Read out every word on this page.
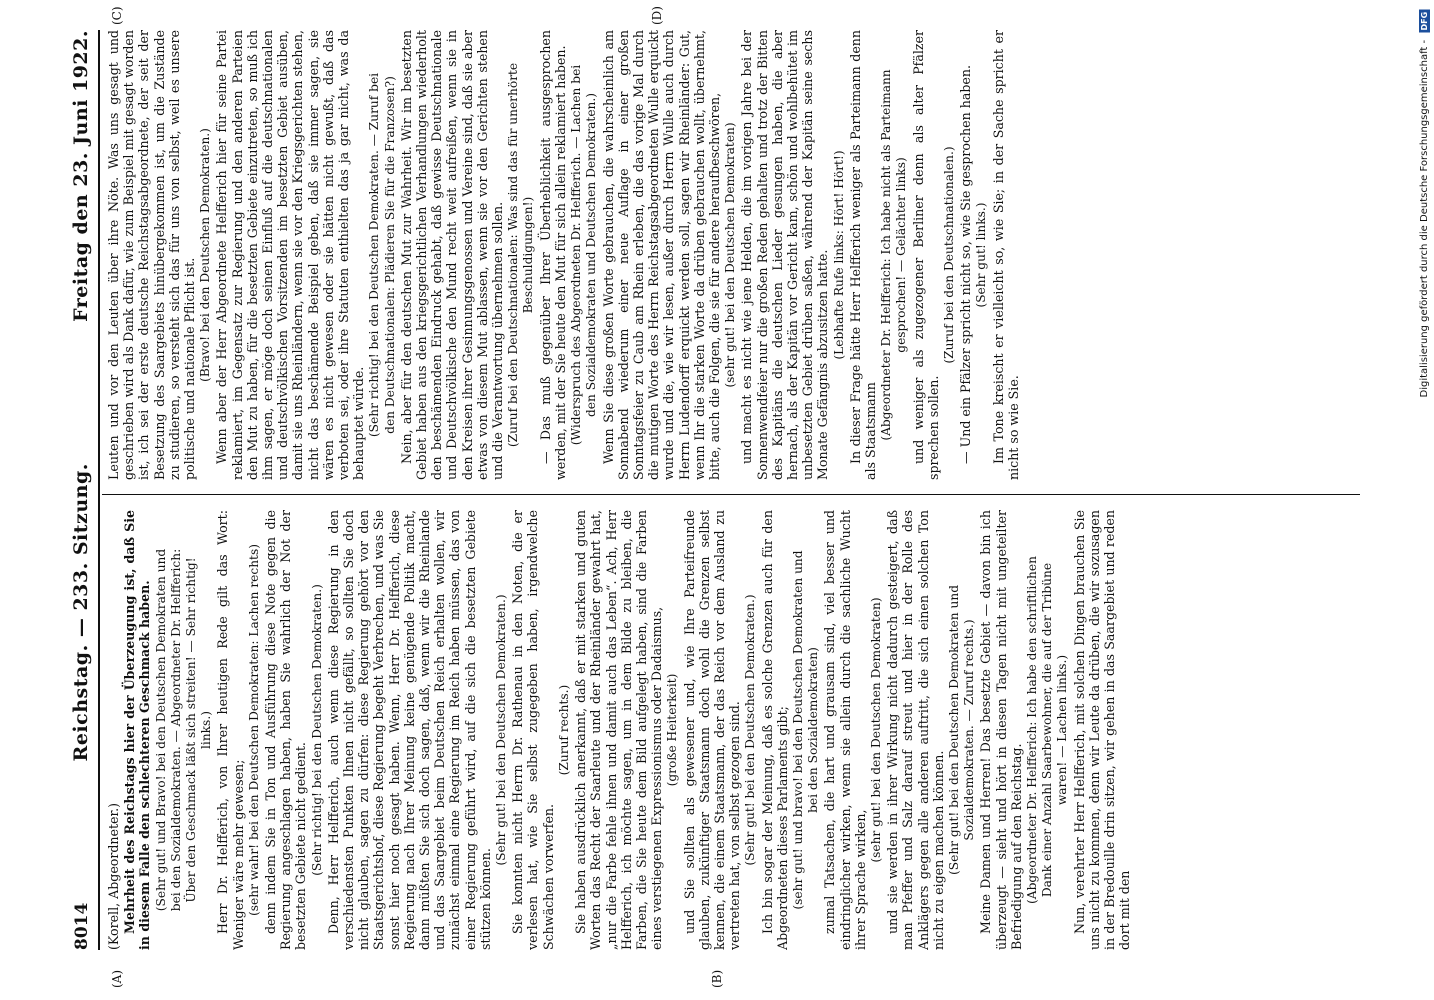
8014
Reichstag. — 233. Sitzung.
Freitag den 23. Juni 1922.
(A)	(B)
(C)	(D)

(Korell, Abgeordneter.) Mehrheit des Reichstags hier der Überzeugung ist, daß Sie in diesem Falle den schlechteren Geschmack haben. (Sehr gut! und Bravo! bei den Deutschen Demokraten und bei den Sozialdemokraten. — Abgeordneter Dr. Helfferich: Über den Geschmack läßt sich streiten! — Sehr richtig! links.) Herr Dr. Helfferich, von Ihrer heutigen Rede gilt das Wort: Weniger wäre mehr gewesen; (sehr wahr! bei den Deutschen Demokraten: Lachen rechts) denn indem Sie in Ton und Ausführung diese Note gegen die Regierung angeschlagen haben, haben Sie wahrlich der Not der besetzten Gebiete nicht gedient. (Sehr richtig! bei den Deutschen Demokraten.) Denn, Herr Helfferich, auch wenn diese Regierung in den verschiedensten Punkten Ihnen nicht gefällt, so sollten Sie doch nicht glauben, sagen zu dürfen: diese Regierung gehört vor den Staatsgerichtshof, diese Regierung begeht Verbrechen, und was Sie sonst hier noch gesagt haben. Wenn, Herr Dr. Helfferich, diese Regierung nach Ihrer Meinung keine genügende Politik macht, dann müßten Sie sich doch sagen, daß, wenn wir die Rheinlande und das Saargebiet beim Deutschen Reich erhalten wollen, wir zunächst einmal eine Regierung im Reich haben müssen, das von einer Regierung geführt wird, auf die sich die besetzten Gebiete stützen können.

(Sehr gut! bei den Deutschen Demokraten.) Sie konnten nicht Herrn Dr. Rathenau in den Noten, die er verlesen hat, wie Sie selbst zugegeben haben, irgendwelche Schwächen vorwerfen.

(Zuruf rechts.) Sie haben ausdrücklich anerkannt, daß er mit starken und guten Worten das Recht der Saarleute und der Rheinländer gewahrt hat, „nur die Farbe fehle ihnen und damit auch das Leben“. Ach, Herr Helfferich, ich möchte sagen, um in dem Bilde zu bleiben, die Farben, die Sie heute dem Bild aufgelegt haben, sind die Farben eines verstiegenen Expressionismus oder Dadaismus, (große Heiterkeit) und Sie sollten als gewesener und, wie Ihre Parteifreunde glauben, zukünftiger Staatsmann doch wohl die Grenzen selbst kennen, die einem Staatsmann, der das Reich vor dem Ausland zu vertreten hat, von selbst gezogen sind. (Sehr gut! bei den Deutschen Demokraten.) Ich bin sogar der Meinung, daß es solche Grenzen auch für den Abgeordneten dieses Parlaments gibt; (sehr gut! und bravo! bei den Deutschen Demokraten und bei den Sozialdemokraten) zumal Tatsachen, die hart und grausam sind, viel besser und eindringlicher wirken, wenn sie allein durch die sachliche Wucht ihrer Sprache wirken,

(sehr gut! bei den Deutschen Demokraten) und sie werden in ihrer Wirkung nicht dadurch gesteigert, daß man Pfeffer und Salz darauf streut und hier in der Rolle des Anklägers gegen alle anderen auftritt, die sich einen solchen Ton nicht zu eigen machen können. (Sehr gut! bei den Deutschen Demokraten und Sozialdemokraten. — Zuruf rechts.) Meine Damen und Herren! Das besetzte Gebiet — davon bin ich überzeugt — sieht und hört in diesen Tagen nicht mit ungeteilter Befriedigung auf den Reichstag. (Abgeordneter Dr. Helfferich: Ich habe den schriftlichen Dank einer Anzahl Saarbewohner, die auf der Tribüne waren! — Lachen links.) Nun, verehrter Herr Helfferich, mit solchen Dingen brauchen Sie uns nicht zu kommen, denn wir Leute da drüben, die wir sozusagen in der Bredouille drin sitzen, wir gehen in das Saargebiet und reden dort mit den

Leuten und vor den Leuten über ihre Nöte. Was uns gesagt und geschrieben wird als Dank dafür, wie zum Beispiel mit gesagt worden ist, ich sei der erste deutsche Reichstagsabgeordnete, der seit der Besetzung des Saargebiets hinübergekommen ist, um die Zustände zu studieren, so versteht sich das für uns von selbst, weil es unsere politische und nationale Pflicht ist. (Bravo! bei den Deutschen Demokraten.) Wenn aber der Herr Abgeordnete Helfferich hier für seine Partei reklamiert, im Gegensatz zur Regierung und den anderen Parteien den Mut zu haben, für die besetzten Gebiete einzutreten, so muß ich ihm sagen, er möge doch seinen Einfluß auf die deutschnationalen und deutschvölkischen Vorsitzenden im besetzten Gebiet ausüben, damit sie uns Rheinländern, wenn sie vor den Kriegsgerichten stehen, nicht das beschämende Beispiel geben, daß sie immer sagen, sie wären es nicht gewesen oder sie hätten nicht gewußt, daß das verboten sei, oder ihre Statuten enthielten das ja gar nicht, was da behauptet würde. (Sehr richtig! bei den Deutschen Demokraten. — Zuruf bei den Deutschnationalen: Plädieren Sie für die Franzosen?) Nein, aber für den deutschen Mut zur Wahrheit. Wir im besetzten Gebiet haben aus den kriegsgerichtlichen Verhandlungen wiederholt den beschämenden Eindruck gehabt, daß gewisse Deutschnationale und Deutschvölkische den Mund recht weit aufreißen, wenn sie in den Kreisen ihrer Gesinnungsgenossen und Vereine sind, daß sie aber etwas von diesem Mut ablassen, wenn sie vor den Gerichten stehen und die Verantwortung übernehmen sollen. (Zuruf bei den Deutschnationalen: Was sind das für unerhörte Beschuldigungen!) — Das muß gegenüber Ihrer Überheblichkeit ausgesprochen werden, mit der Sie heute den Mut für sich allein reklamiert haben. (Widerspruch des Abgeordneten Dr. Helfferich. — Lachen bei den Sozialdemokraten und Deutschen Demokraten.) Wenn Sie diese großen Worte gebrauchen, die wahrscheinlich am Sonnabend wiederum einer neue Auflage in einer großen Sonntagsfeier zu Caub am Rhein erleben, die das vorige Mal durch die mutigen Worte des Herrn Reichstagsabgeordneten Wulle erquickt wurde und die, wie wir lesen, außer durch Herrn Wulle auch durch Herrn Ludendorff erquickt werden soll, sagen wir Rheinländer: Gut, wenn Ihr die starken Worte da drüben gebrauchen wollt, übernehmt, bitte, auch die Folgen, die sie für andere heraufbeschwören, (sehr gut! bei den Deutschen Demokraten) und macht es nicht wie jene Helden, die im vorigen Jahre bei der Sonnenwendfeier nur die großen Reden gehalten und trotz der Bitten des Kapitäns die deutschen Lieder gesungen haben, die aber hernach, als der Kapitän vor Gericht kam, schön und wohlbehütet im unbesetzten Gebiet drüben saßen, während der Kapitän seine sechs Monate Gefängnis abzusitzen hatte. (Lebhafte Rufe links: Hört! Hört!) In dieser Frage hätte Herr Helfferich weniger als Parteimann denn als Staatsmann (Abgeordneter Dr. Helfferich: Ich habe nicht als Parteimann gesprochen! — Gelächter links) und weniger als zugezogener Berliner denn als alter Pfälzer sprechen sollen.

(Zuruf bei den Deutschnationalen.) — Und ein Pfälzer spricht nicht so, wie Sie gesprochen haben. (Sehr gut! links.) Im Tone kreischt er vielleicht so, wie Sie; in der Sache spricht er nicht so wie Sie.

Digitalisierung gefördert durch die Deutsche Forschungsgemeinschaft - DFG
